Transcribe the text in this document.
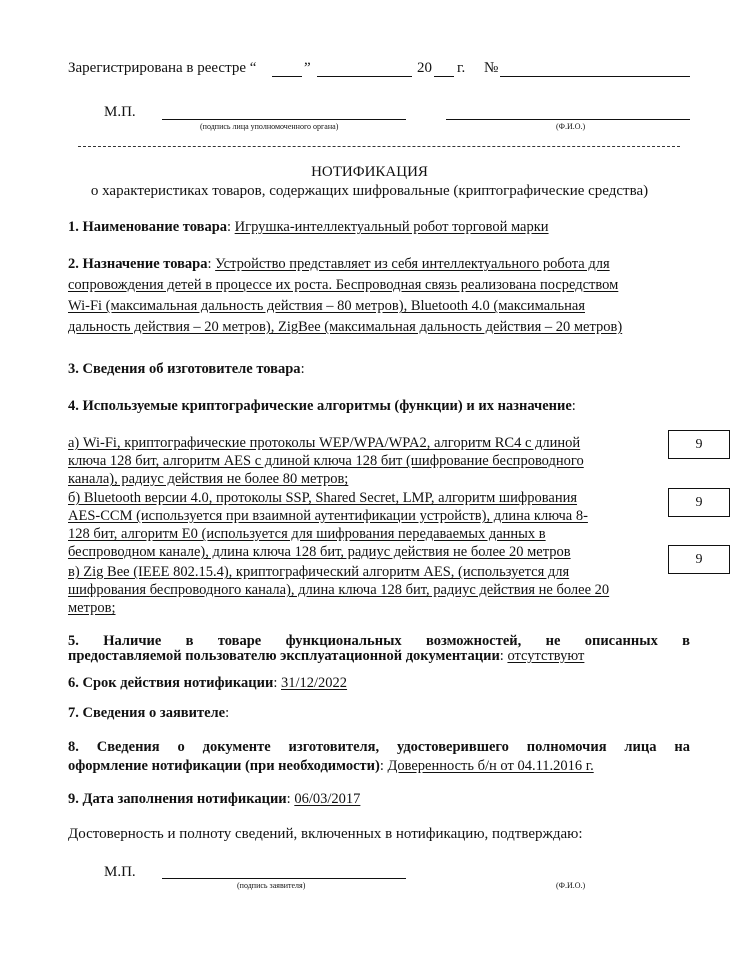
Зарегистрирована в реестре “	”	20 г. №
М.П.
(подпись лица уполномоченного органа)	(Ф.И.О.)
НОТИФИКАЦИЯ
о характеристиках товаров, содержащих шифровальные (криптографические средства)
1. Наименование товара: Игрушка-интеллектуальный робот торговой марки
2. Назначение товара: Устройство представляет из себя интеллектуального робота для
сопровождения детей в процессе их роста. Беспроводная связь реализована посредством
Wi-Fi (максимальная дальность действия – 80 метров), Bluetooth 4.0 (максимальная
дальность действия – 20 метров), ZigBee (максимальная дальность действия – 20 метров)
3. Сведения об изготовителе товара:
4. Используемые криптографические алгоритмы (функции) и их назначение:
а) Wi-Fi, криптографические протоколы WEP/WPA/WPA2, алгоритм RC4 с длиной
ключа 128 бит, алгоритм AES с длиной ключа 128 бит (шифрование беспроводного
канала), радиус действия не более 80 метров;
9
б) Bluetooth версии 4.0, протоколы SSP, Shared Secret, LMP, алгоритм шифрования
AES-CCM (используется при взаимной аутентификации устройств), длина ключа 8-
128 бит, алгоритм E0 (используется для шифрования передаваемых данных в
беспроводном канале), длина ключа 128 бит, радиус действия не более 20 метров
9
в) Zig Bee (IEEE 802.15.4), криптографический алгоритм AES, (используется для
шифрования беспроводного канала), длина ключа 128 бит, радиус действия не более 20
метров;
9
5. Наличие в товаре функциональных возможностей, не описанных в
предоставляемой пользователю эксплуатационной документации: отсутствуют
6. Срок действия нотификации: 31/12/2022
7. Сведения о заявителе:
8. Сведения о документе изготовителя, удостоверившего полномочия лица на
оформление нотификации (при необходимости): Доверенность б/н от 04.11.2016 г.
9. Дата заполнения нотификации: 06/03/2017
Достоверность и полноту сведений, включенных в нотификацию, подтверждаю:
М.П.
(подпись заявителя)	(Ф.И.О.)
